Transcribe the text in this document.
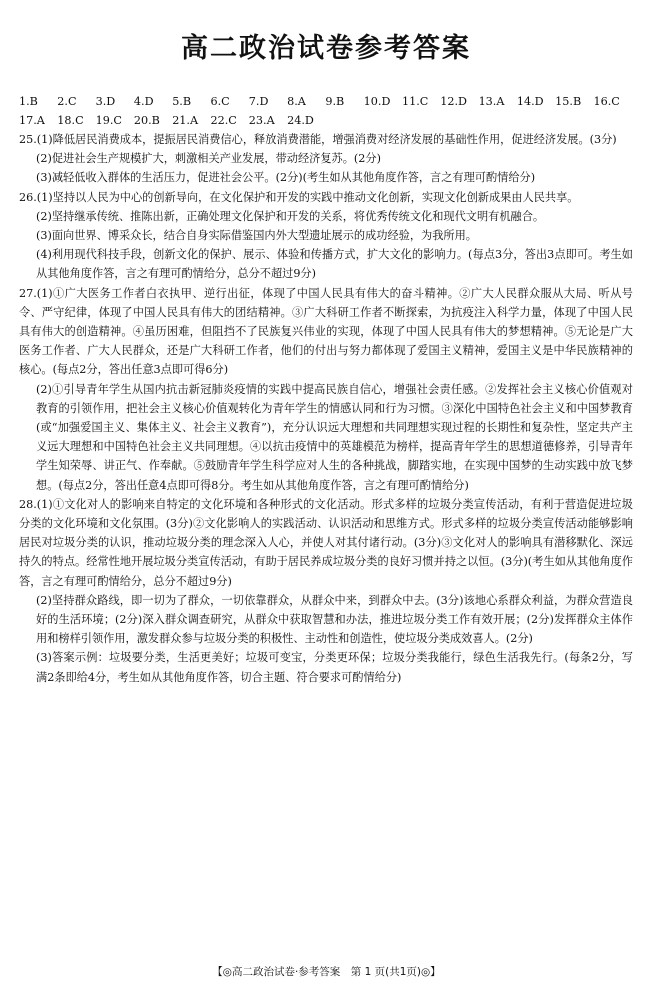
高二政治试卷参考答案
1.B	2.C	3.D	4.D	5.B	6.C	7.D	8.A	9.B	10.D	11.C	12.D	13.A	14.D	15.B	16.C
17.A	18.C	19.C	20.B	21.A	22.C	23.A	24.D

25.(1)降低居民消费成本，提振居民消费信心，释放消费潜能，增强消费对经济发展的基础性作用，促进经济发展。(3分)

(2)促进社会生产规模扩大，刺激相关产业发展，带动经济复苏。(2分)

(3)减轻低收入群体的生活压力，促进社会公平。(2分)(考生如从其他角度作答，言之有理可酌情给分)

26.(1)坚持以人民为中心的创新导向，在文化保护和开发的实践中推动文化创新，实现文化创新成果由人民共享。

(2)坚持继承传统、推陈出新，正确处理文化保护和开发的关系，将优秀传统文化和现代文明有机融合。

(3)面向世界、博采众长，结合自身实际借鉴国内外大型遗址展示的成功经验，为我所用。

(4)利用现代科技手段，创新文化的保护、展示、体验和传播方式，扩大文化的影响力。(每点3分，答出3点即可。考生如从其他角度作答，言之有理可酌情给分，总分不超过9分)

27.(1)①广大医务工作者白衣执甲、逆行出征，体现了中国人民具有伟大的奋斗精神。②广大人民群众服从大局、听从号令、严守纪律，体现了中国人民具有伟大的团结精神。③广大科研工作者不断探索，为抗疫注入科学力量，体现了中国人民具有伟大的创造精神。④虽历困难，但阻挡不了民族复兴伟业的实现，体现了中国人民具有伟大的梦想精神。⑤无论是广大医务工作者、广大人民群众，还是广大科研工作者，他们的付出与努力都体现了爱国主义精神，爱国主义是中华民族精神的核心。(每点2分，答出任意3点即可得6分)

(2)①引导青年学生从国内抗击新冠肺炎疫情的实践中提高民族自信心，增强社会责任感。②发挥社会主义核心价值观对教育的引领作用，把社会主义核心价值观转化为青年学生的情感认同和行为习惯。③深化中国特色社会主义和中国梦教育(或“加强爱国主义、集体主义、社会主义教育”)，充分认识远大理想和共同理想实现过程的长期性和复杂性，坚定共产主义远大理想和中国特色社会主义共同理想。④以抗击疫情中的英雄模范为榜样，提高青年学生的思想道德修养，引导青年学生知荣辱、讲正气、作奉献。⑤鼓励青年学生科学应对人生的各种挑战，脚踏实地，在实现中国梦的生动实践中放飞梦想。(每点2分，答出任意4点即可得8分。考生如从其他角度作答，言之有理可酌情给分)

28.(1)①文化对人的影响来自特定的文化环境和各种形式的文化活动。形式多样的垃圾分类宣传活动，有利于营造促进垃圾分类的文化环境和文化氛围。(3分)②文化影响人的实践活动、认识活动和思维方式。形式多样的垃圾分类宣传活动能够影响居民对垃圾分类的认识，推动垃圾分类的理念深入人心，并使人对其付诸行动。(3分)③文化对人的影响具有潜移默化、深远持久的特点。经常性地开展垃圾分类宣传活动，有助于居民养成垃圾分类的良好习惯并持之以恒。(3分)(考生如从其他角度作答，言之有理可酌情给分，总分不超过9分)

(2)坚持群众路线，即一切为了群众，一切依靠群众，从群众中来，到群众中去。(3分)该地心系群众利益，为群众营造良好的生活环境；(2分)深入群众调查研究，从群众中获取智慧和办法，推进垃圾分类工作有效开展；(2分)发挥群众主体作用和榜样引领作用，激发群众参与垃圾分类的积极性、主动性和创造性，使垃圾分类成效喜人。(2分)

(3)答案示例：垃圾要分类，生活更美好；垃圾可变宝，分类更环保；垃圾分类我能行，绿色生活我先行。(每条2分，写满2条即给4分，考生如从其他角度作答，切合主题、符合要求可酌情给分)

【◎高二政治试卷·参考答案　第 1 页(共1页)◎】
